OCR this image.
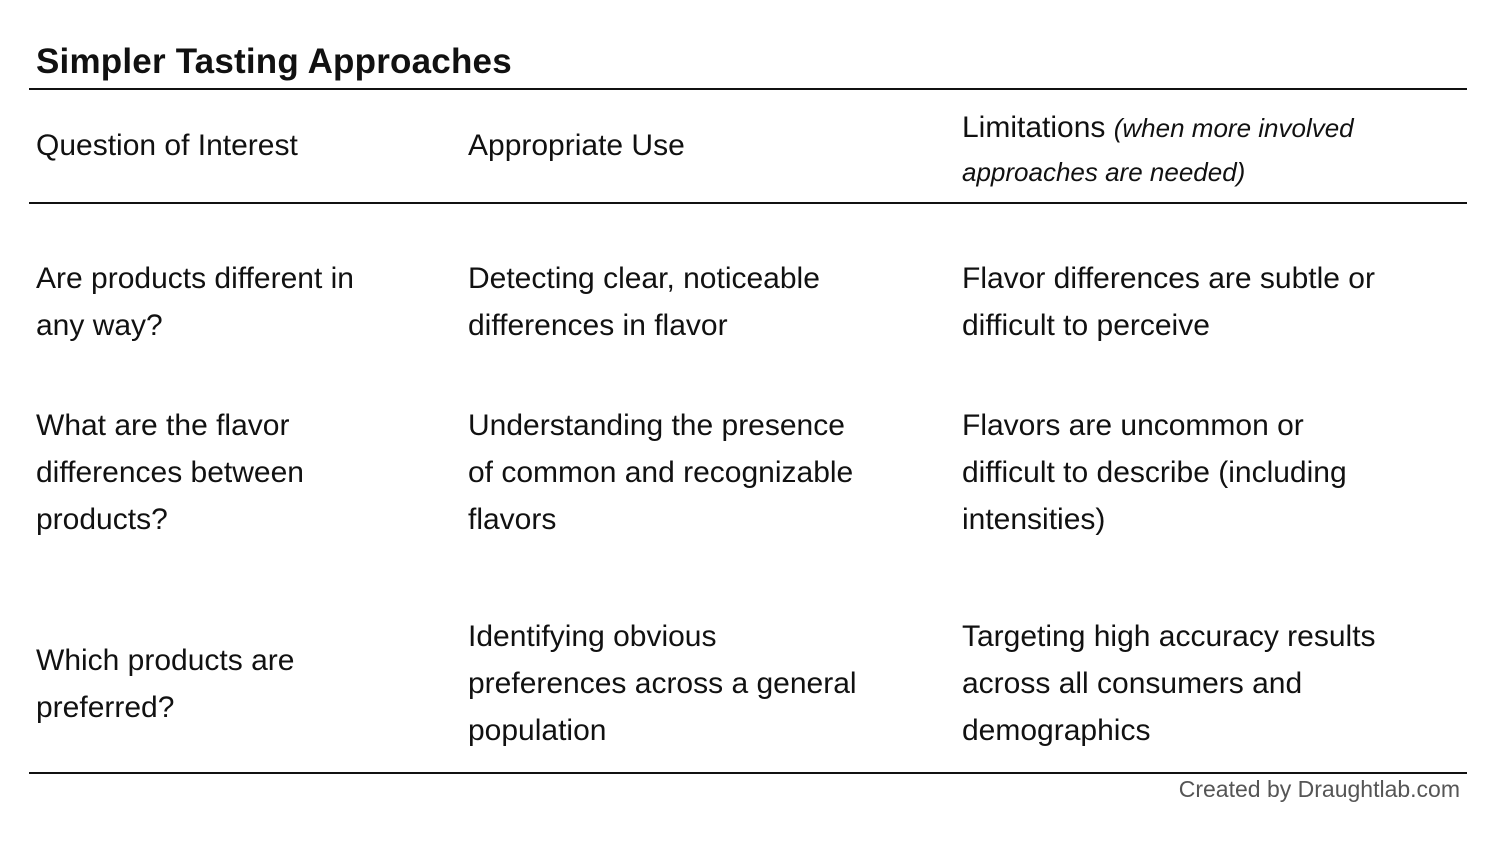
Simpler Tasting Approaches
Question of Interest	Appropriate Use
Limitations (when more involved
approaches are needed)
Are products different in
any way?
Detecting clear, noticeable
differences in flavor
Flavor differences are subtle or
difficult to perceive
What are the flavor
differences between
products?
Understanding the presence
of common and recognizable
flavors
Flavors are uncommon or
difficult to describe (including
intensities)
Which products are
preferred?
Identifying obvious
preferences across a general
population
Targeting high accuracy results
across all consumers and
demographics
Created by Draughtlab.com
